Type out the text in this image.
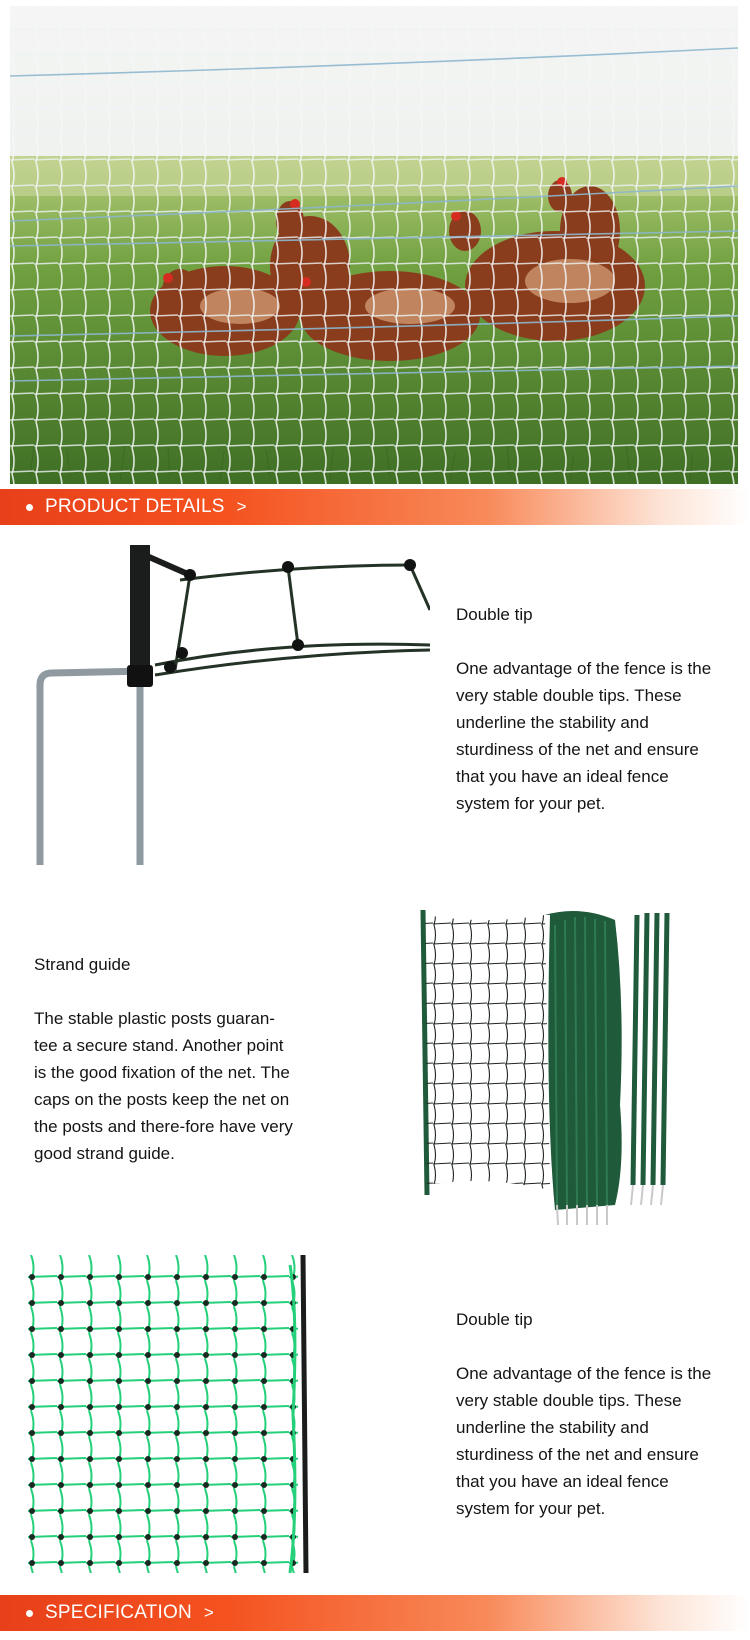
PRODUCT DETAILS >
Double tip

One advantage of the fence is the very stable double tips. These underline the stability and sturdiness of the net and ensure that you have an ideal fence system for your pet.

Strand guide

The stable plastic posts guaran-tee a secure stand. Another point is the good fixation of the net. The caps on the posts keep the net on the posts and there-fore have very good strand guide.

Double tip

One advantage of the fence is the very stable double tips. These underline the stability and sturdiness of the net and ensure that you have an ideal fence system for your pet.

SPECIFICATION >
